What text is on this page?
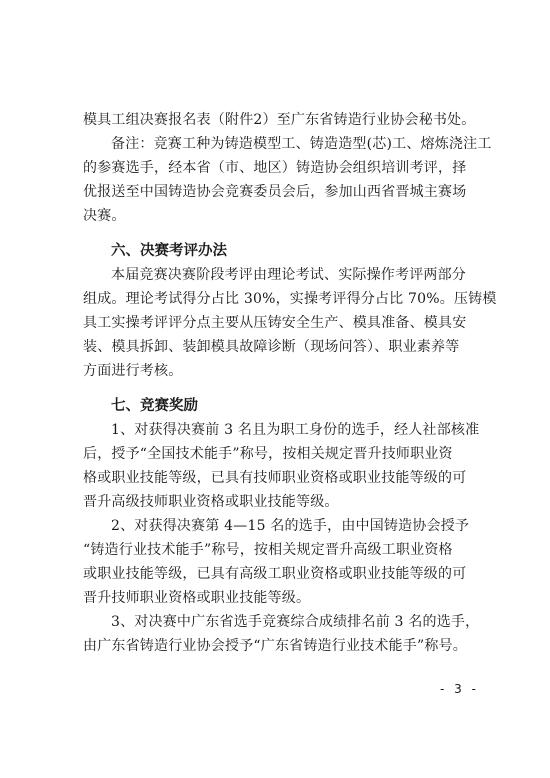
模具工组决赛报名表（附件2）至广东省铸造行业协会秘书处。
备注：竞赛工种为铸造模型工、铸造造型(芯)工、熔炼浇注工
的参赛选手，经本省（市、地区）铸造协会组织培训考评，择
优报送至中国铸造协会竞赛委员会后，参加山西省晋城主赛场
决赛。
六、决赛考评办法
本届竞赛决赛阶段考评由理论考试、实际操作考评两部分
组成。理论考试得分占比 30%，实操考评得分占比 70%。压铸模
具工实操考评评分点主要从压铸安全生产、模具准备、模具安
装、模具拆卸、装卸模具故障诊断（现场问答）、职业素养等
方面进行考核。
七、竞赛奖励
1、对获得决赛前 3 名且为职工身份的选手，经人社部核准
后，授予“全国技术能手”称号，按相关规定晋升技师职业资
格或职业技能等级，已具有技师职业资格或职业技能等级的可
晋升高级技师职业资格或职业技能等级。
2、对获得决赛第 4—15 名的选手，由中国铸造协会授予
“铸造行业技术能手”称号，按相关规定晋升高级工职业资格
或职业技能等级，已具有高级工职业资格或职业技能等级的可
晋升技师职业资格或职业技能等级。
3、对决赛中广东省选手竞赛综合成绩排名前 3 名的选手，
由广东省铸造行业协会授予“广东省铸造行业技术能手”称号。
- 3 -
